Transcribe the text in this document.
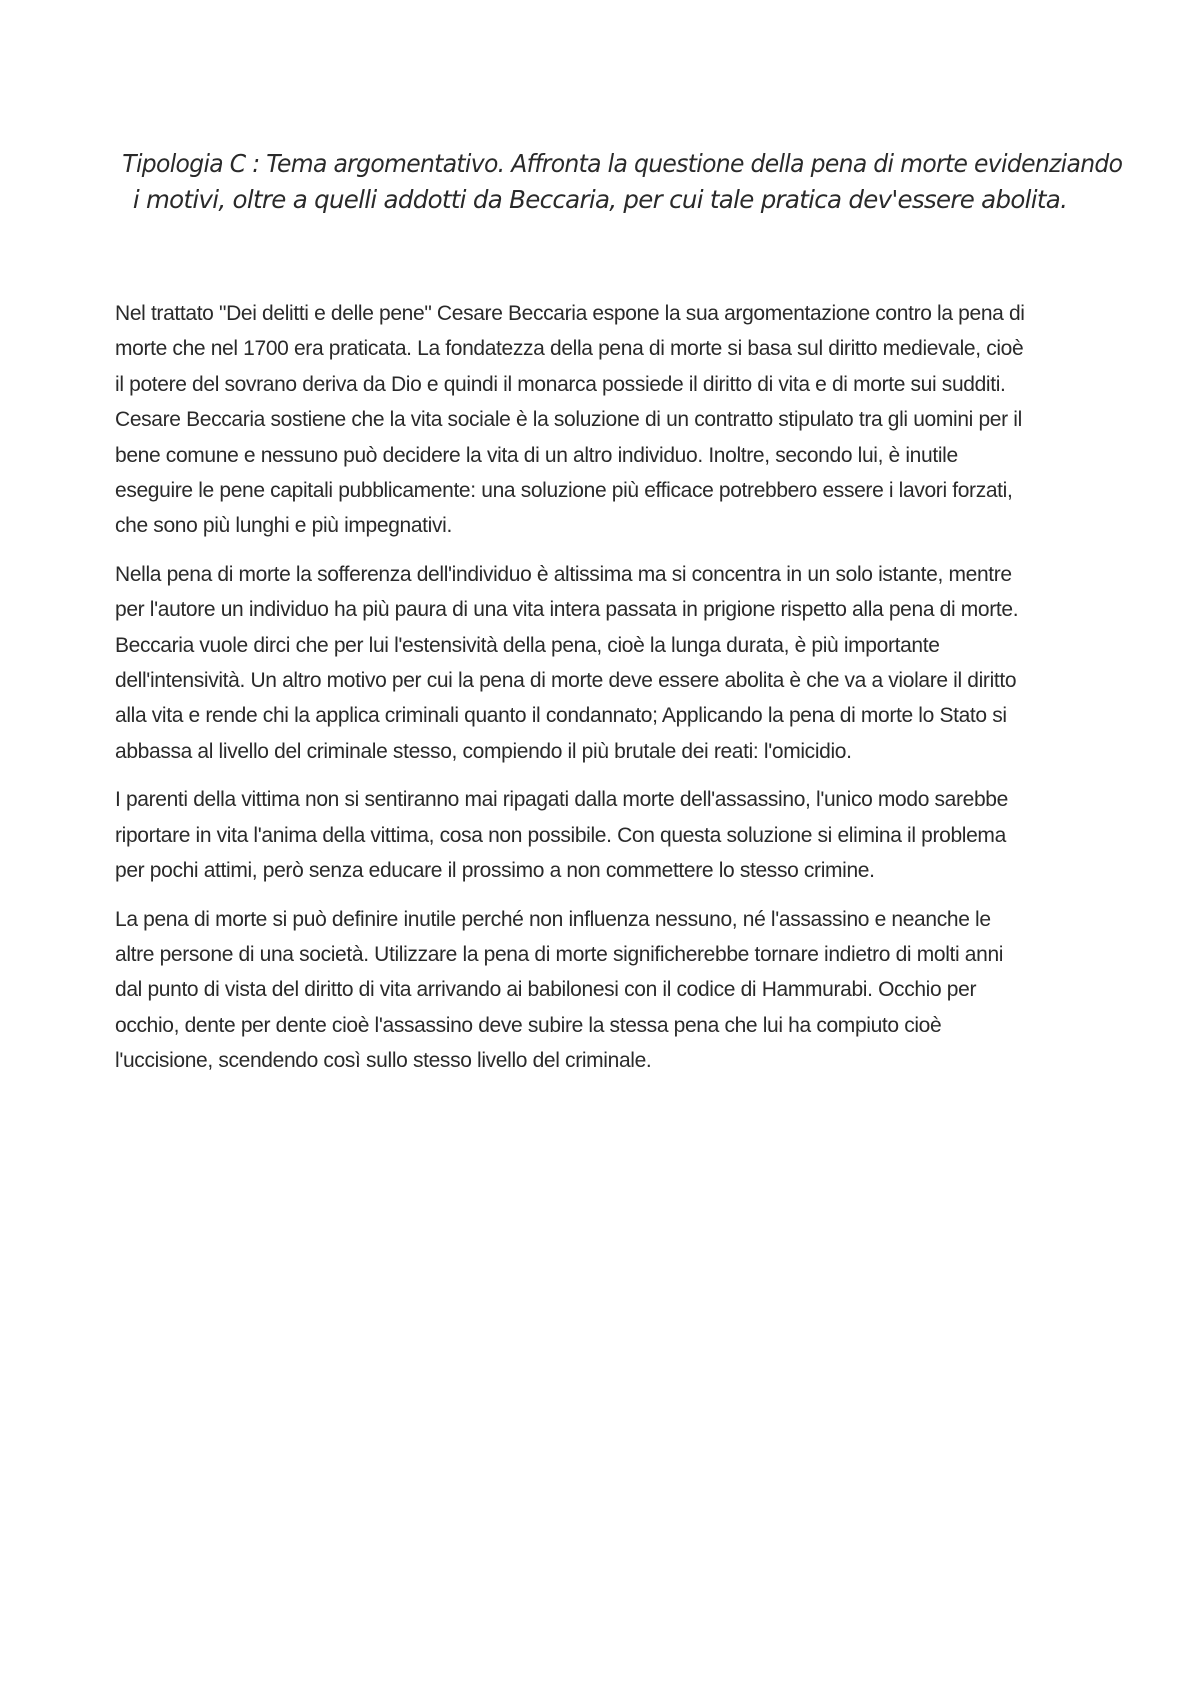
Tipologia C : Tema argomentativo. Affronta la questione della pena di morte evidenziando
i motivi, oltre a quelli addotti da Beccaria, per cui tale pratica dev'essere abolita.
Nel trattato "Dei delitti e delle pene" Cesare Beccaria espone la sua argomentazione contro la pena di
morte che nel 1700 era praticata. La fondatezza della pena di morte si basa sul diritto medievale, cioè
il potere del sovrano deriva da Dio e quindi il monarca possiede il diritto di vita e di morte sui sudditi.
Cesare Beccaria sostiene che la vita sociale è la soluzione di un contratto stipulato tra gli uomini per il
bene comune e nessuno può decidere la vita di un altro individuo. Inoltre, secondo lui, è inutile
eseguire le pene capitali pubblicamente: una soluzione più efficace potrebbero essere i lavori forzati,
che sono più lunghi e più impegnativi.
Nella pena di morte la sofferenza dell'individuo è altissima ma si concentra in un solo istante, mentre
per l'autore un individuo ha più paura di una vita intera passata in prigione rispetto alla pena di morte.
Beccaria vuole dirci che per lui l'estensività della pena, cioè la lunga durata, è più importante
dell'intensività. Un altro motivo per cui la pena di morte deve essere abolita è che va a violare il diritto
alla vita e rende chi la applica criminali quanto il condannato; Applicando la pena di morte lo Stato si
abbassa al livello del criminale stesso, compiendo il più brutale dei reati: l'omicidio.
I parenti della vittima non si sentiranno mai ripagati dalla morte dell'assassino, l'unico modo sarebbe
riportare in vita l'anima della vittima, cosa non possibile. Con questa soluzione si elimina il problema
per pochi attimi, però senza educare il prossimo a non commettere lo stesso crimine.
La pena di morte si può definire inutile perché non influenza nessuno, né l'assassino e neanche le
altre persone di una società. Utilizzare la pena di morte significherebbe tornare indietro di molti anni
dal punto di vista del diritto di vita arrivando ai babilonesi con il codice di Hammurabi. Occhio per
occhio, dente per dente cioè l'assassino deve subire la stessa pena che lui ha compiuto cioè
l'uccisione, scendendo così sullo stesso livello del criminale.
